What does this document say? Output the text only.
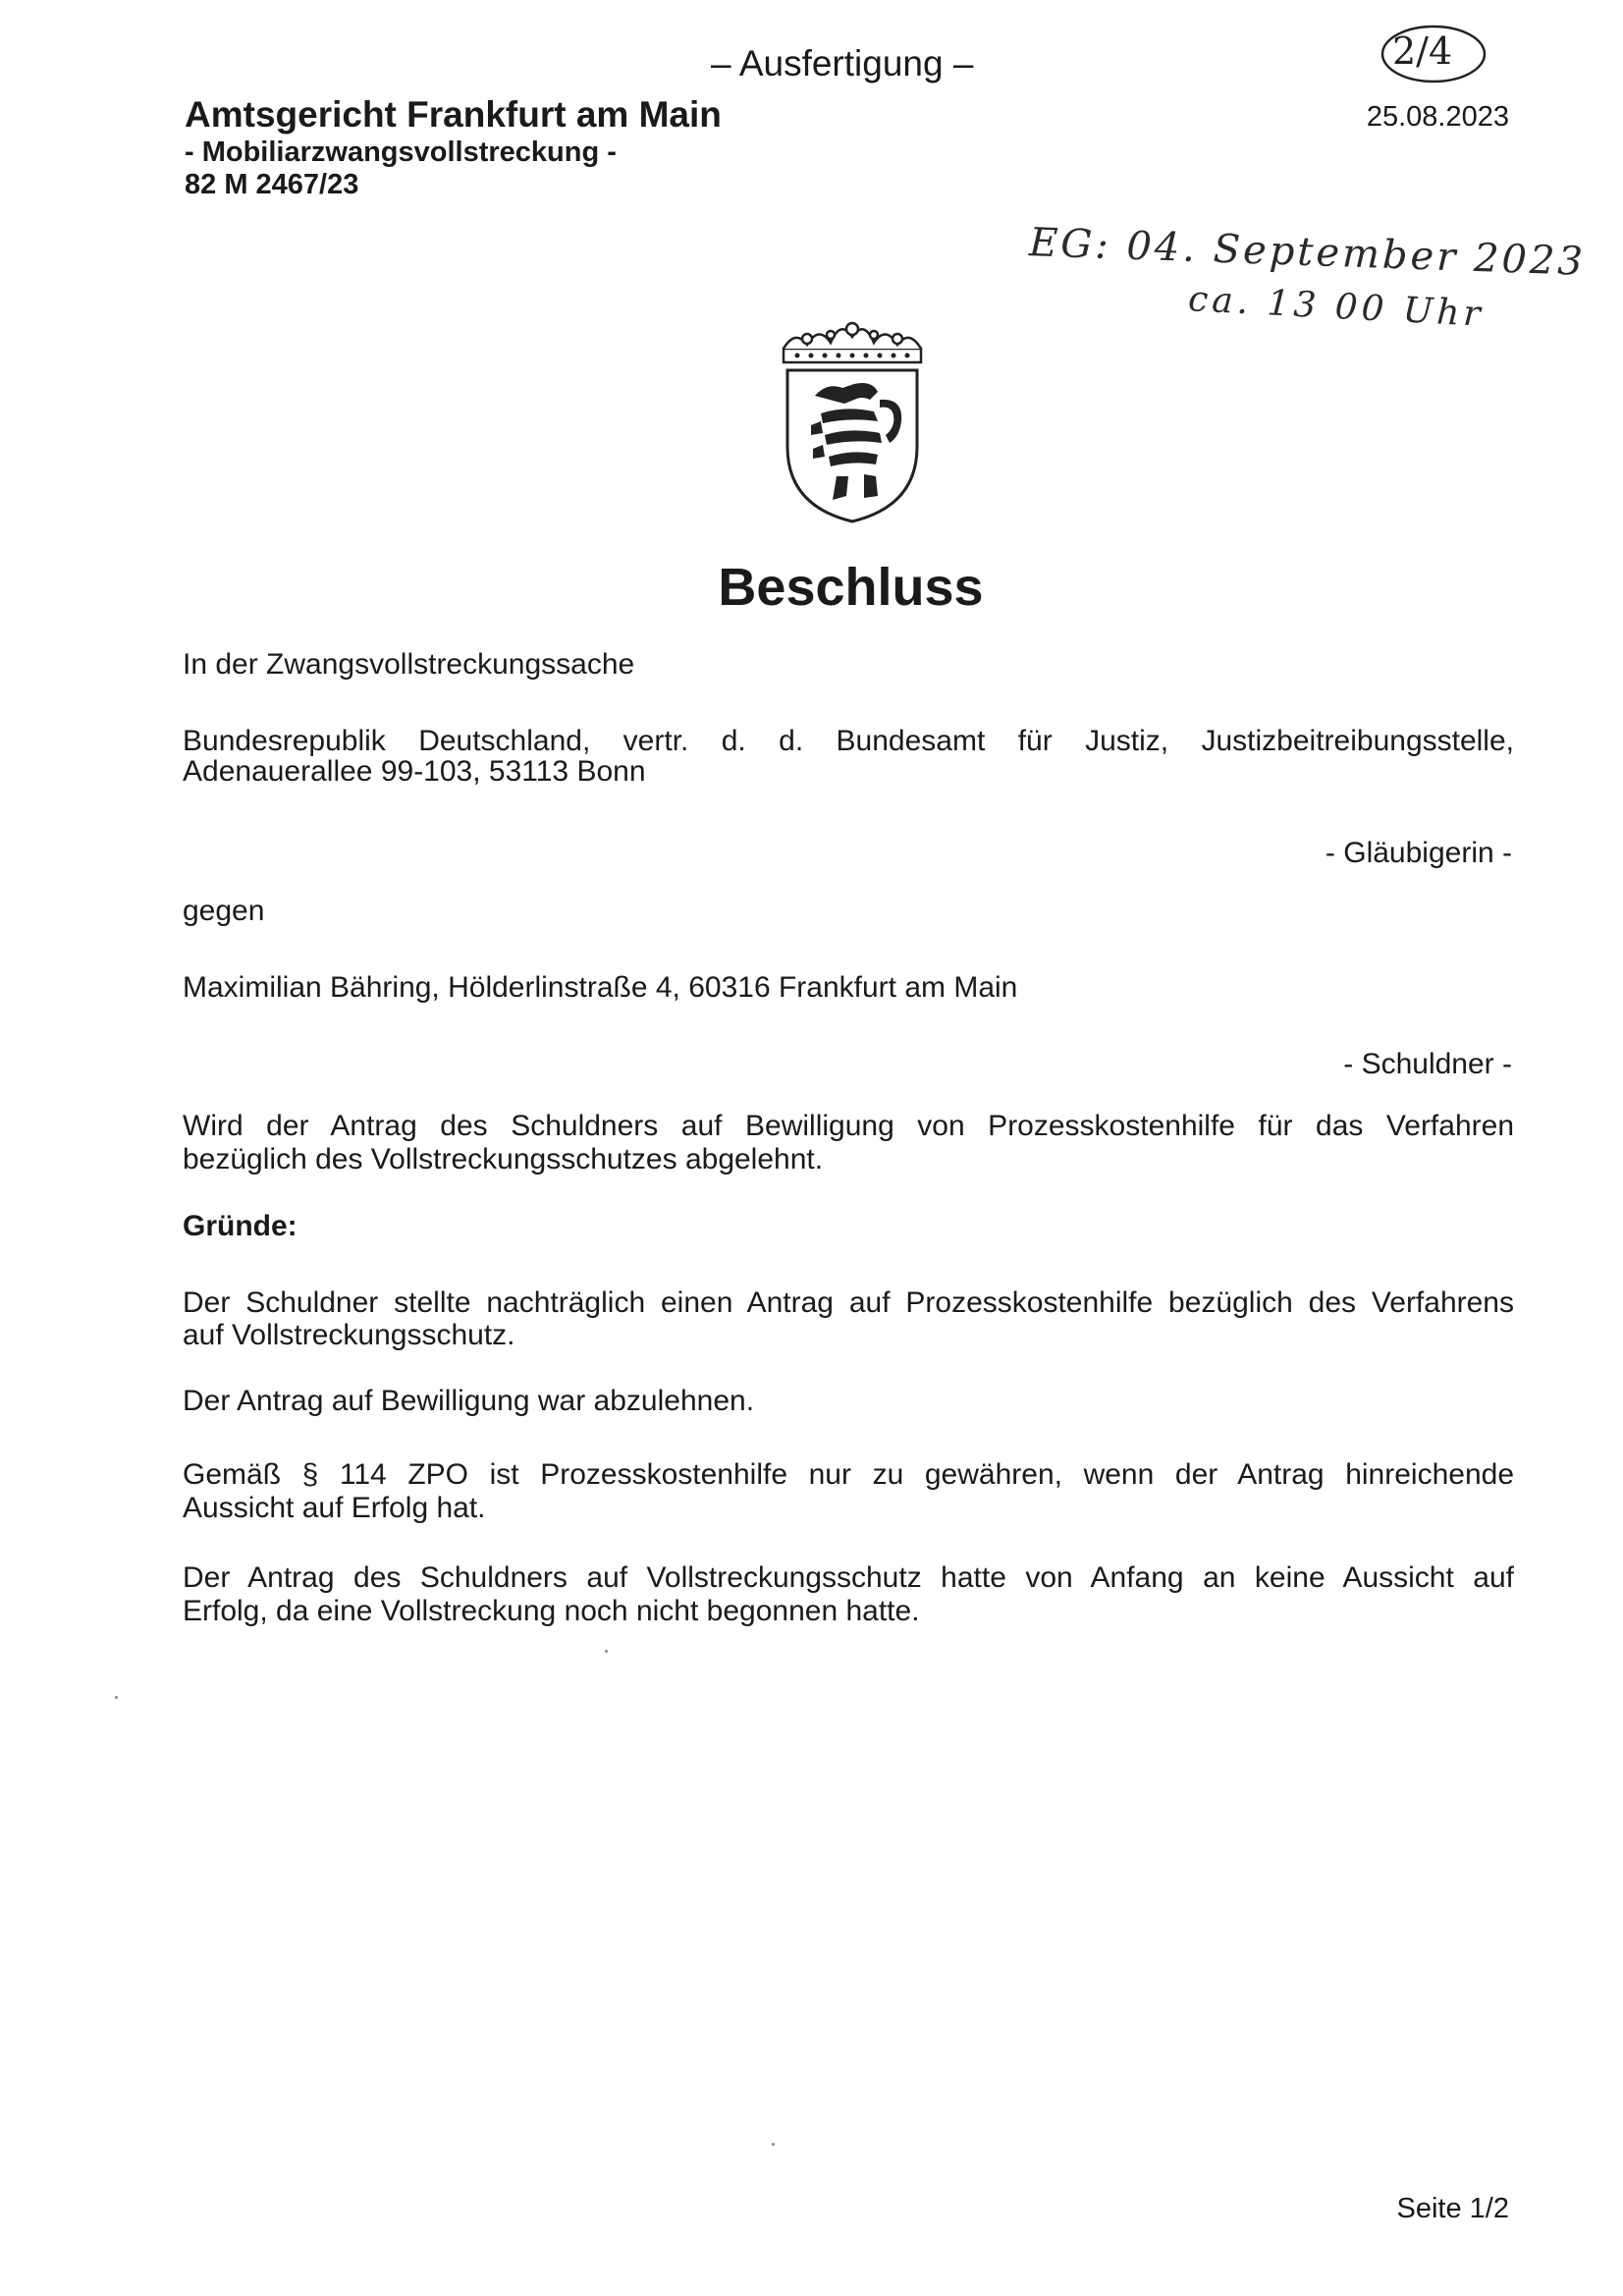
– Ausfertigung –
Amtsgericht Frankfurt am Main
- Mobiliarzwangsvollstreckung -
82 M 2467/23
25.08.2023
2/4
EG: 04. September 2023
ca. 13 00 Uhr
Beschluss
In der Zwangsvollstreckungssache
Bundesrepublik Deutschland, vertr. d. d. Bundesamt für Justiz, Justizbeitreibungsstelle,
Adenauerallee 99-103, 53113 Bonn
- Gläubigerin -
gegen
Maximilian Bähring, Hölderlinstraße 4, 60316 Frankfurt am Main
- Schuldner -
Wird der Antrag des Schuldners auf Bewilligung von Prozesskostenhilfe für das Verfahren
bezüglich des Vollstreckungsschutzes abgelehnt.
Gründe:
Der Schuldner stellte nachträglich einen Antrag auf Prozesskostenhilfe bezüglich des Verfahrens
auf Vollstreckungsschutz.
Der Antrag auf Bewilligung war abzulehnen.
Gemäß § 114 ZPO ist Prozesskostenhilfe nur zu gewähren, wenn der Antrag hinreichende
Aussicht auf Erfolg hat.
Der Antrag des Schuldners auf Vollstreckungsschutz hatte von Anfang an keine Aussicht auf
Erfolg, da eine Vollstreckung noch nicht begonnen hatte.
Seite 1/2
